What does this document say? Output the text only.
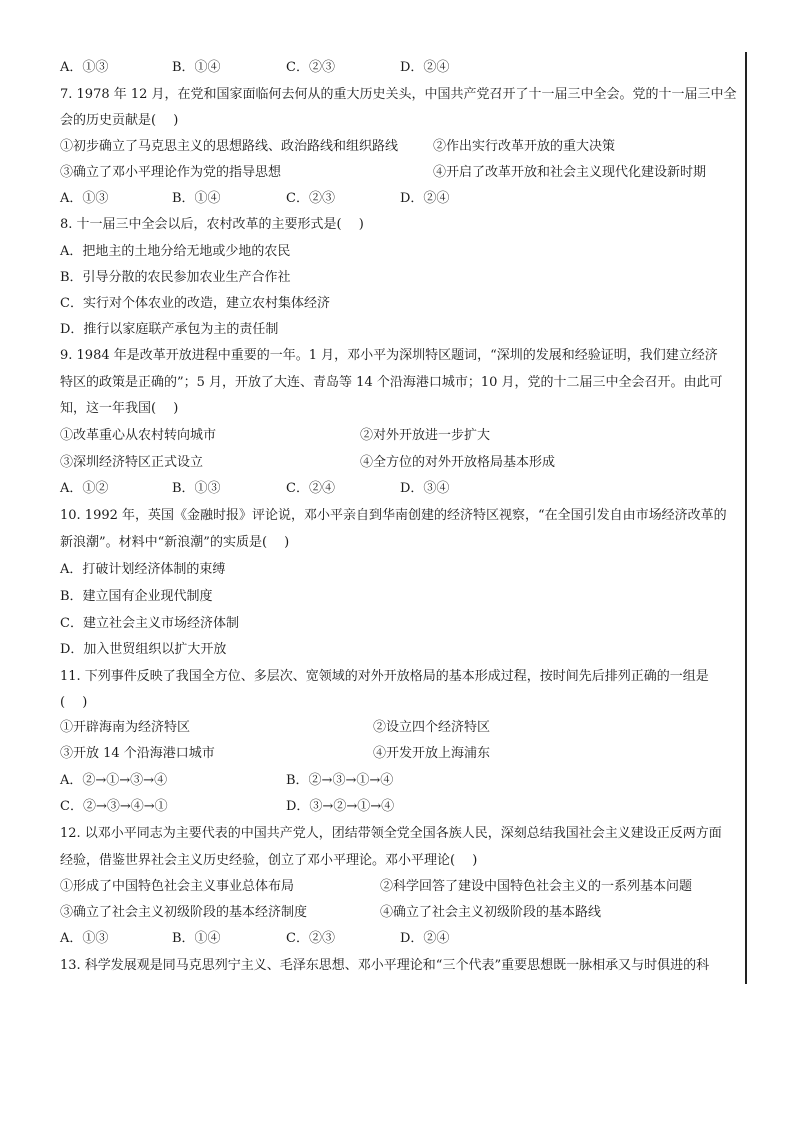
A．①③	B．①④	C．②③	D．②④
7. 1978 年 12 月，在党和国家面临何去何从的重大历史关头，中国共产党召开了十一届三中全会。党的十一届三中全
会的历史贡献是(　 )
①初步确立了马克思主义的思想路线、政治路线和组织路线	②作出实行改革开放的重大决策
③确立了邓小平理论作为党的指导思想	④开启了改革开放和社会主义现代化建设新时期
A．①③	B．①④	C．②③	D．②④
8. 十一届三中全会以后，农村改革的主要形式是(　 )
A．把地主的土地分给无地或少地的农民
B．引导分散的农民参加农业生产合作社
C．实行对个体农业的改造，建立农村集体经济
D．推行以家庭联产承包为主的责任制
9. 1984 年是改革开放进程中重要的一年。1 月，邓小平为深圳特区题词，“深圳的发展和经验证明，我们建立经济
特区的政策是正确的”；5 月，开放了大连、青岛等 14 个沿海港口城市；10 月，党的十二届三中全会召开。由此可
知，这一年我国(　 )
①改革重心从农村转向城市	②对外开放进一步扩大
③深圳经济特区正式设立	④全方位的对外开放格局基本形成
A．①②	B．①③	C．②④	D．③④
10. 1992 年，英国《金融时报》评论说，邓小平亲自到华南创建的经济特区视察，“在全国引发自由市场经济改革的
新浪潮”。材料中“新浪潮”的实质是(　 )
A．打破计划经济体制的束缚
B．建立国有企业现代制度
C．建立社会主义市场经济体制
D．加入世贸组织以扩大开放
11. 下列事件反映了我国全方位、多层次、宽领域的对外开放格局的基本形成过程，按时间先后排列正确的一组是
(　 )
①开辟海南为经济特区	②设立四个经济特区
③开放 14 个沿海港口城市	④开发开放上海浦东
A．②→①→③→④	B．②→③→①→④
C．②→③→④→①	D．③→②→①→④
12. 以邓小平同志为主要代表的中国共产党人，团结带领全党全国各族人民，深刻总结我国社会主义建设正反两方面
经验，借鉴世界社会主义历史经验，创立了邓小平理论。邓小平理论(　 )
①形成了中国特色社会主义事业总体布局	②科学回答了建设中国特色社会主义的一系列基本问题
③确立了社会主义初级阶段的基本经济制度	④确立了社会主义初级阶段的基本路线
A．①③	B．①④	C．②③	D．②④
13. 科学发展观是同马克思列宁主义、毛泽东思想、邓小平理论和“三个代表”重要思想既一脉相承又与时俱进的科
